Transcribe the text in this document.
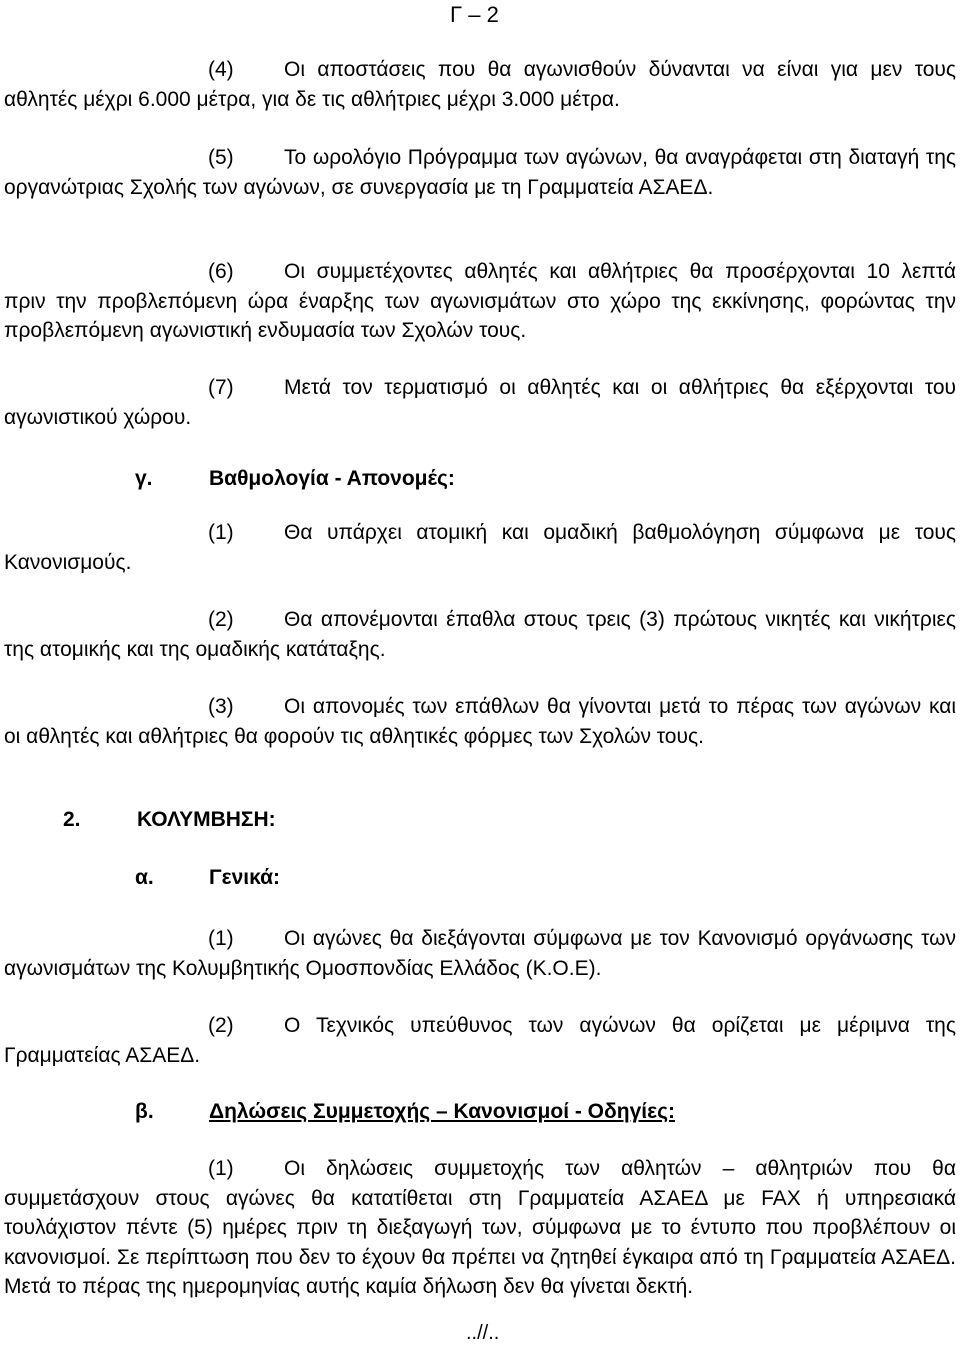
Γ – 2

(4) Οι αποστάσεις που θα αγωνισθούν δύνανται να είναι για μεν τους αθλητές μέχρι 6.000 μέτρα, για δε τις αθλήτριες μέχρι 3.000 μέτρα.

(5) Το ωρολόγιο Πρόγραμμα των αγώνων, θα αναγράφεται στη διαταγή της οργανώτριας Σχολής των αγώνων, σε συνεργασία με τη Γραμματεία ΑΣΑΕΔ.

(6) Οι συμμετέχοντες αθλητές και αθλήτριες θα προσέρχονται 10 λεπτά πριν την προβλεπόμενη ώρα έναρξης των αγωνισμάτων στο χώρο της εκκίνησης, φορώντας την προβλεπόμενη αγωνιστική ενδυμασία των Σχολών τους.

(7) Μετά τον τερματισμό οι αθλητές και οι αθλήτριες θα εξέρχονται του αγωνιστικού χώρου.

γ.	Βαθμολογία - Απονομές:

(1) Θα υπάρχει ατομική και ομαδική βαθμολόγηση σύμφωνα με τους Κανονισμούς.

(2) Θα απονέμονται έπαθλα στους τρεις (3) πρώτους νικητές και νικήτριες της ατομικής και της ομαδικής κατάταξης.

(3) Οι απονομές των επάθλων θα γίνονται μετά το πέρας των αγώνων και οι αθλητές και αθλήτριες θα φορούν τις αθλητικές φόρμες των Σχολών τους.

2.	ΚΟΛΥΜΒΗΣΗ:
α.	Γενικά:

(1) Οι αγώνες θα διεξάγονται σύμφωνα με τον Κανονισμό οργάνωσης των αγωνισμάτων της Κολυμβητικής Ομοσπονδίας Ελλάδος (Κ.Ο.Ε).

(2) Ο Τεχνικός υπεύθυνος των αγώνων θα ορίζεται με μέριμνα της Γραμματείας ΑΣΑΕΔ.

β.	Δηλώσεις Συμμετοχής – Κανονισμοί - Οδηγίες:

(1) Οι δηλώσεις συμμετοχής των αθλητών – αθλητριών που θα συμμετάσχουν στους αγώνες θα κατατίθεται στη Γραμματεία ΑΣΑΕΔ με FAX ή υπηρεσιακά τουλάχιστον πέντε (5) ημέρες πριν τη διεξαγωγή των, σύμφωνα με το έντυπο που προβλέπουν οι κανονισμοί. Σε περίπτωση που δεν το έχουν θα πρέπει να ζητηθεί έγκαιρα από τη Γραμματεία ΑΣΑΕΔ. Μετά το πέρας της ημερομηνίας αυτής καμία δήλωση δεν θα γίνεται δεκτή.

..//..
